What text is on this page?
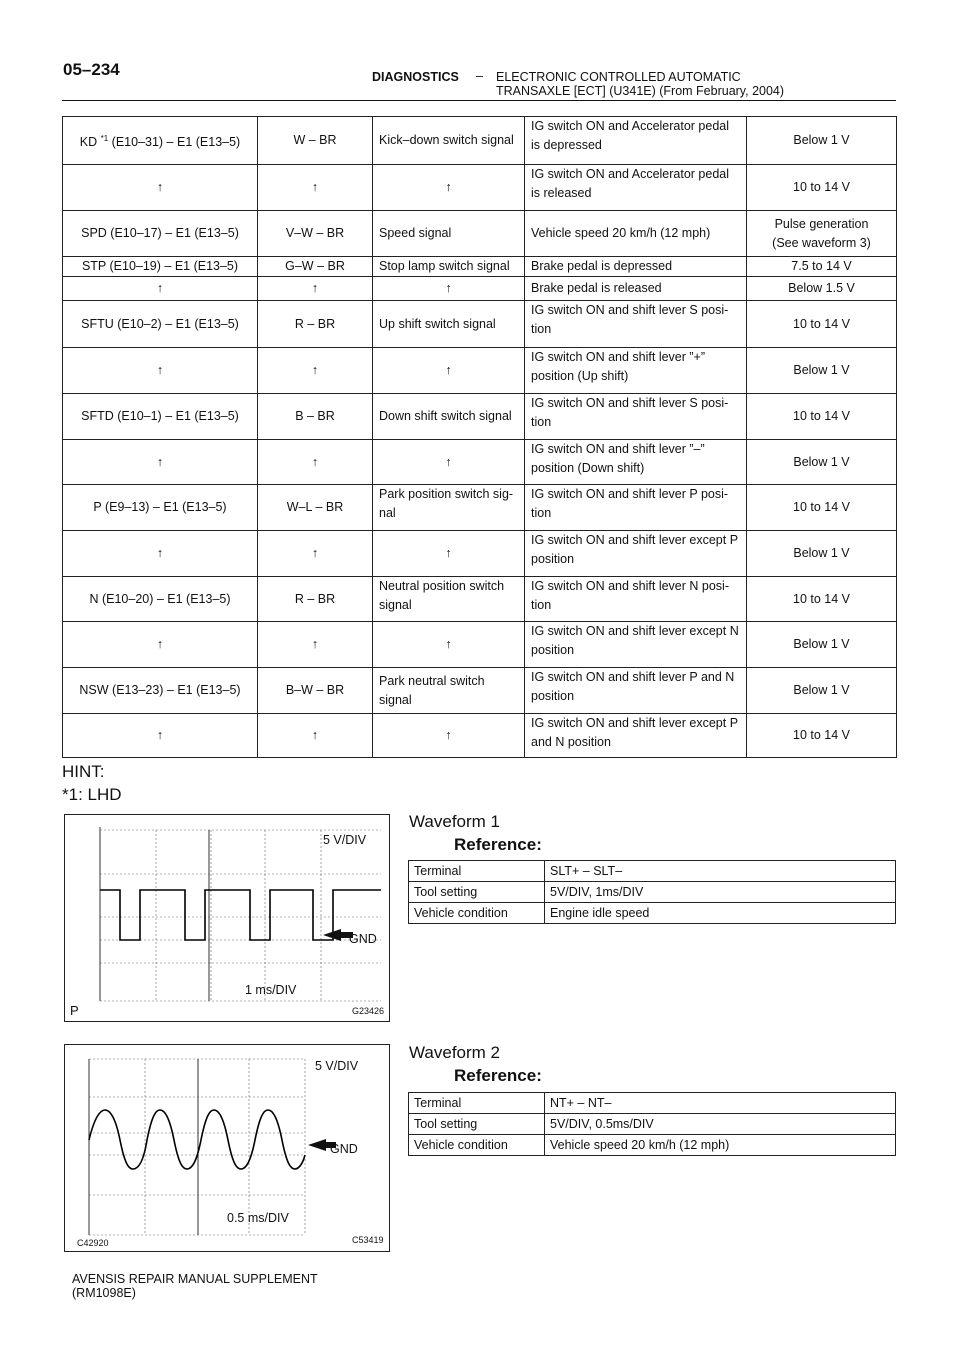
05–234	DIAGNOSTICS – ELECTRONIC CONTROLLED AUTOMATIC
TRANSAXLE [ECT] (U341E) (From February, 2004)
KD $^{*1}$ (E10–31) – E1 (E13–5)	W – BR	Kick–down switch signal	IG switch ON and Accelerator pedal is depressed	Below 1 V
↑	↑	↑	IG switch ON and Accelerator pedal is released	10 to 14 V
SPD (E10–17) – E1 (E13–5)	V–W – BR	Speed signal	Vehicle speed 20 km/h (12 mph)	Pulse generation
(See waveform 3)

STP (E10–19) – E1 (E13–5)	G–W – BR	Stop lamp switch signal	Brake pedal is depressed	7.5 to 14 V
↑	↑	↑	Brake pedal is released	Below 1.5 V
SFTU (E10–2) – E1 (E13–5)	R – BR	Up shift switch signal	IG switch ON and shift lever S posi- tion	10 to 14 V
↑	↑	↑	IG switch ON and shift lever ”+” position (Up shift)	Below 1 V
SFTD (E10–1) – E1 (E13–5)	B – BR	Down shift switch signal	IG switch ON and shift lever S posi- tion	10 to 14 V
↑	↑	↑	IG switch ON and shift lever ”–” position (Down shift)	Below 1 V
P (E9–13) – E1 (E13–5)	W–L – BR	Park position switch sig- nal	IG switch ON and shift lever P posi- tion	10 to 14 V
↑	↑	↑	IG switch ON and shift lever except P position	Below 1 V
N (E10–20) – E1 (E13–5)	R – BR	Neutral position switch signal	IG switch ON and shift lever N posi- tion	10 to 14 V
↑	↑	↑	IG switch ON and shift lever except N position	Below 1 V
NSW (E13–23) – E1 (E13–5)	B–W – BR	Park neutral switch signal	IG switch ON and shift lever P and N position	Below 1 V
↑	↑	↑	IG switch ON and shift lever except P and N position	10 to 14 V
HINT:
*1: LHD
5 V/DIV
GND
1 ms/DIV
P	G23426
Waveform 1
Reference:
Terminal	SLT+ – SLT–
Tool setting	5V/DIV, 1ms/DIV
Vehicle condition	Engine idle speed
5 V/DIV
GND
0.5 ms/DIV
C42920	C53419
Waveform 2
Reference:
Terminal	NT+ – NT–
Tool setting	5V/DIV, 0.5ms/DIV
Vehicle condition	Vehicle speed 20 km/h (12 mph)
AVENSIS REPAIR MANUAL SUPPLEMENT
(RM1098E)
